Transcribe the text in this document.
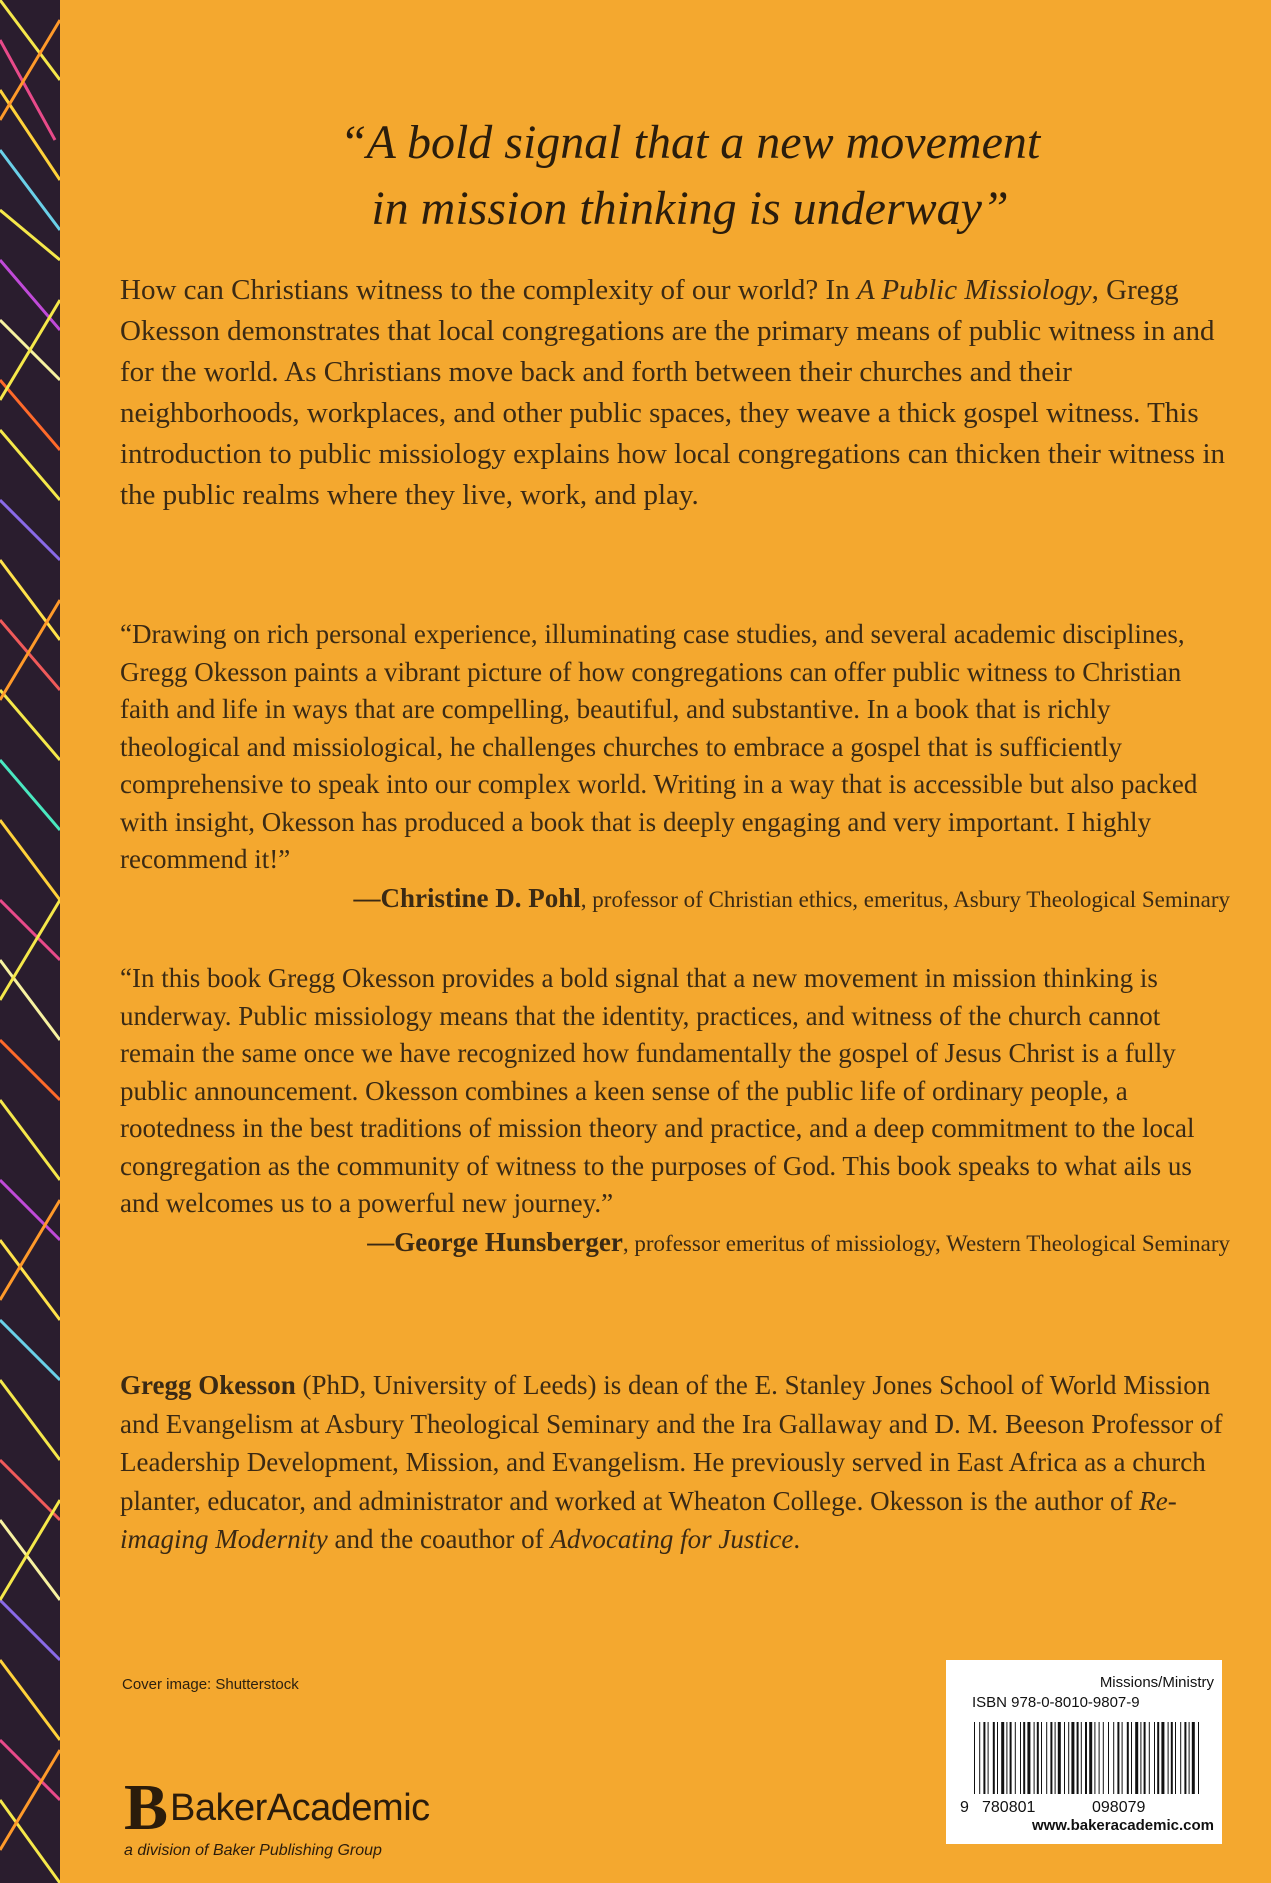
“A bold signal that a new movement
in mission thinking is underway”

How can Christians witness to the complexity of our world? In A Public Missiology, Gregg Okesson demonstrates that local congregations are the primary means of public witness in and for the world. As Christians move back and forth between their churches and their neighborhoods, workplaces, and other public spaces, they weave a thick gospel witness. This introduction to public missiology explains how local congregations can thicken their witness in the public realms where they live, work, and play.

“Drawing on rich personal experience, illuminating case studies, and several academic disciplines, Gregg Okesson paints a vibrant picture of how congregations can offer public witness to Christian faith and life in ways that are compelling, beautiful, and substantive. In a book that is richly theological and missiological, he challenges churches to embrace a gospel that is sufficiently comprehensive to speak into our complex world. Writing in a way that is accessible but also packed with insight, Okesson has produced a book that is deeply engaging and very important. I highly recommend it!”

—Christine D. Pohl, professor of Christian ethics, emeritus, Asbury Theological Seminary

“In this book Gregg Okesson provides a bold signal that a new movement in mission thinking is underway. Public missiology means that the identity, practices, and witness of the church cannot remain the same once we have recognized how fundamentally the gospel of Jesus Christ is a fully public announcement. Okesson combines a keen sense of the public life of ordinary people, a rootedness in the best traditions of mission theory and practice, and a deep commitment to the local congregation as the community of witness to the purposes of God. This book speaks to what ails us and welcomes us to a powerful new journey.”

—George Hunsberger, professor emeritus of missiology, Western Theological Seminary

Gregg Okesson (PhD, University of Leeds) is dean of the E. Stanley Jones School of World Mission and Evangelism at Asbury Theological Seminary and the Ira Gallaway and D. M. Beeson Professor of Leadership Development, Mission, and Evangelism. He previously served in East Africa as a church planter, educator, and administrator and worked at Wheaton College. Okesson is the author of Re-imaging Modernity and the coauthor of Advocating for Justice.

Cover image: Shutterstock
B BakerAcademic
a division of Baker Publishing Group
Missions/Ministry
ISBN 978-0-8010-9807-9
9 780801	098079
www.bakeracademic.com
